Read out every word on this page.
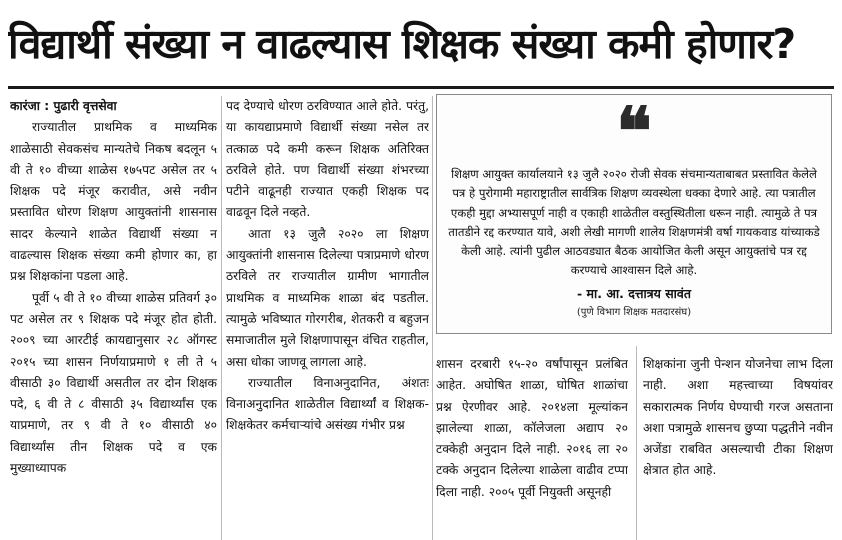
विद्यार्थी संख्या न वाढल्यास शिक्षक संख्या कमी होणार?

कारंजा : पुढारी वृत्तसेवा

राज्यातील प्राथमिक व माध्यमिक शाळेसाठी सेवकसंच मान्यतेचे निकष बदलून ५ वी ते १० वीच्या शाळेस १७५पट असेल तर ५ शिक्षक पदे मंजूर करावीत, असे नवीन प्रस्तावित धोरण शिक्षण आयुक्तांनी शासनास सादर केल्याने शाळेत विद्यार्थी संख्या न वाढल्यास शिक्षक संख्या कमी होणार का, हा प्रश्न शिक्षकांना पडला आहे.

पूर्वी ५ वी ते १० वीच्या शाळेस प्रतिवर्ग ३० पट असेल तर ९ शिक्षक पदे मंजूर होत होती. २००९ च्या आरटीई कायद्यानुसार २८ ऑगस्ट २०१५ च्या शासन निर्णयाप्रमाणे १ ली ते ५ वीसाठी ३० विद्यार्थी असतील तर दोन शिक्षक पदे, ६ वी ते ८ वीसाठी ३५ विद्यार्थ्यांस एक याप्रमाणे, तर ९ वी ते १० वीसाठी ४० विद्यार्थ्यांस तीन शिक्षक पदे व एक मुख्याध्यापक

पद देण्याचे धोरण ठरविण्यात आले होते. परंतु, या कायद्याप्रमाणे विद्यार्थी संख्या नसेल तर तत्काळ पदे कमी करून शिक्षक अतिरिक्त ठरविले होते. पण विद्यार्थी संख्या शंभरच्या पटीने वाढूनही राज्यात एकही शिक्षक पद वाढवून दिले नव्हते.

आता १३ जुलै २०२० ला शिक्षण आयुक्तांनी शासनास दिलेल्या पत्राप्रमाणे धोरण ठरविले तर राज्यातील ग्रामीण भागातील प्राथमिक व माध्यमिक शाळा बंद पडतील. त्यामुळे भविष्यात गोरगरीब, शेतकरी व बहुजन समाजातील मुले शिक्षणापासून वंचित राहतील, असा धोका जाणवू लागला आहे.

राज्यातील विनाअनुदानित, अंशतः विनाअनुदानित शाळेतील विद्यार्थ्यांं व शिक्षक-शिक्षकेतर कर्मचाऱ्यांचे असंख्य गंभीर प्रश्न

❝
शिक्षण आयुक्त कार्यालयाने १३ जुलै २०२० रोजी सेवक संचमान्यताबाबत प्रस्तावित केलेले पत्र हे पुरोगामी महाराष्ट्रातील सार्वत्रिक शिक्षण व्यवस्थेला धक्का देणारे आहे. त्या पत्रातील एकही मुद्दा अभ्यासपूर्ण नाही व एकाही शाळेतील वस्तुस्थितीला धरून नाही. त्यामुळे ते पत्र तातडीने रद्द करण्यात यावे, अशी लेखी मागणी शालेय शिक्षणमंत्री वर्षा गायकवाड यांच्याकडे केली आहे. त्यांनी पुढील आठवड्यात बैठक आयोजित केली असून आयुक्तांचे पत्र रद्द करण्याचे आश्वासन दिले आहे.
- मा. आ. दत्तात्रय सावंत
(पुणे विभाग शिक्षक मतदारसंघ)

शासन दरबारी १५-२० वर्षांपासून प्रलंबित आहेत. अघोषित शाळा, घोषित शाळांचा प्रश्न ऐरणीवर आहे. २०१४ला मूल्यांकन झालेल्या शाळा, कॉलेजला अद्याप २० टक्केही अनुदान दिले नाही. २०१६ ला २० टक्के अनुदान दिलेल्या शाळेला वाढीव टप्पा दिला नाही. २००५ पूर्वी नियुक्ती असूनही

शिक्षकांना जुनी पेन्शन योजनेचा लाभ दिला नाही. अशा महत्त्वाच्या विषयांवर सकारात्मक निर्णय घेण्याची गरज असताना अशा पत्रामुळे शासनच छुप्या पद्धतीने नवीन अजेंडा राबवित असल्याची टीका शिक्षण क्षेत्रात होत आहे.
